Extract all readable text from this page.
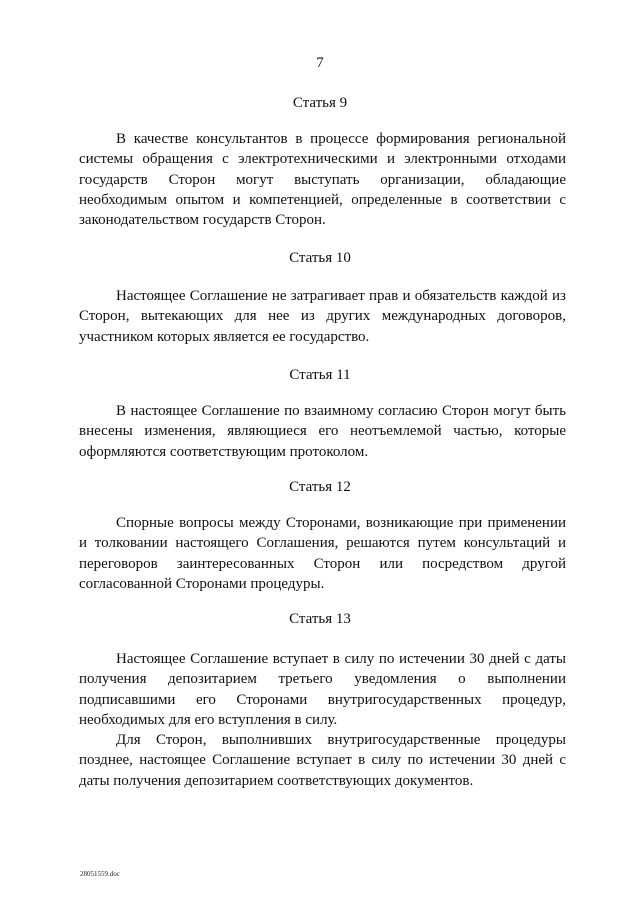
7
Статья 9

В качестве консультантов в процессе формирования региональной системы обращения с электротехническими и электронными отходами государств Сторон могут выступать организации, обладающие необходимым опытом и компетенцией, определенные в соответствии с законодательством государств Сторон.

Статья 10

Настоящее Соглашение не затрагивает прав и обязательств каждой из Сторон, вытекающих для нее из других международных договоров, участником которых является ее государство.

Статья 11

В настоящее Соглашение по взаимному согласию Сторон могут быть внесены изменения, являющиеся его неотъемлемой частью, которые оформляются соответствующим протоколом.

Статья 12

Спорные вопросы между Сторонами, возникающие при применении и толковании настоящего Соглашения, решаются путем консультаций и переговоров заинтересованных Сторон или посредством другой согласованной Сторонами процедуры.

Статья 13

Настоящее Соглашение вступает в силу по истечении 30 дней с даты получения депозитарием третьего уведомления о выполнении подписавшими его Сторонами внутригосударственных процедур, необходимых для его вступления в силу.

Для Сторон, выполнивших внутригосударственные процедуры позднее, настоящее Соглашение вступает в силу по истечении 30 дней с даты получения депозитарием соответствующих документов.

28051559.doc
